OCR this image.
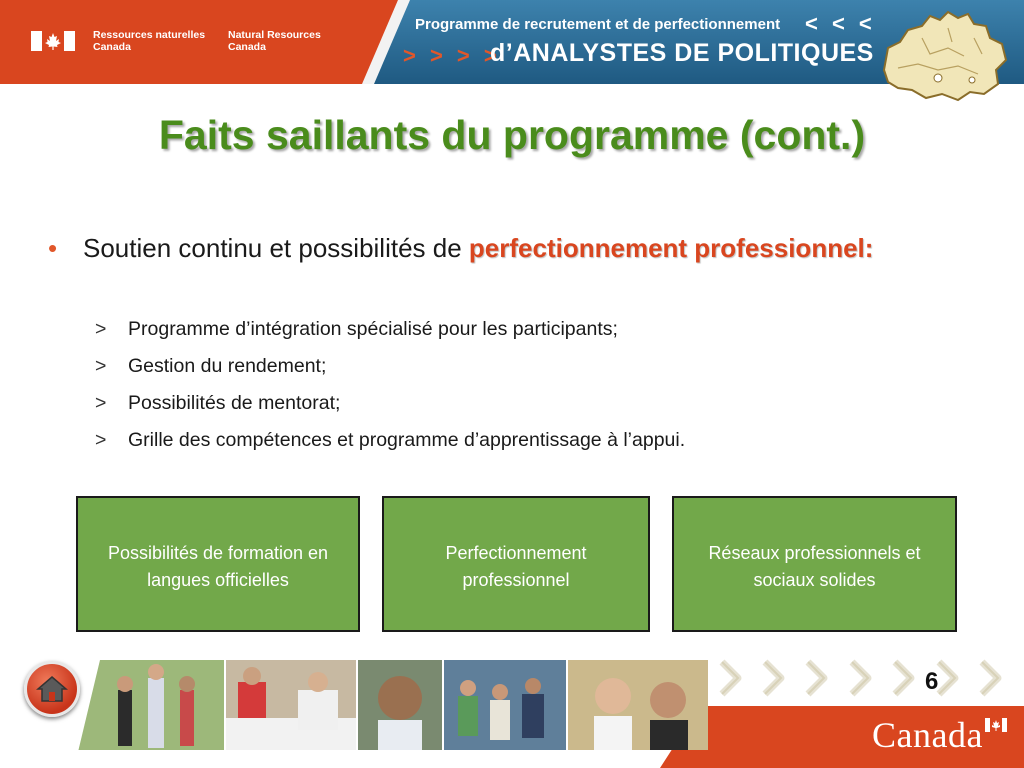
Ressources naturelles
Canada
Natural Resources
Canada
Programme de recrutement et de perfectionnement < < <
> > > >
d’ANALYSTES DE POLITIQUES
Faits saillants du programme (cont.)
• Soutien continu et possibilités de perfectionnement professionnel:
> Programme d’intégration spécialisé pour les participants;
> Gestion du rendement;
> Possibilités de mentorat;
> Grille des compétences et programme d’apprentissage à l’appui.
Possibilités de formation en langues officielles
Perfectionnement professionnel
Réseaux professionnels et sociaux solides
6
Canada
